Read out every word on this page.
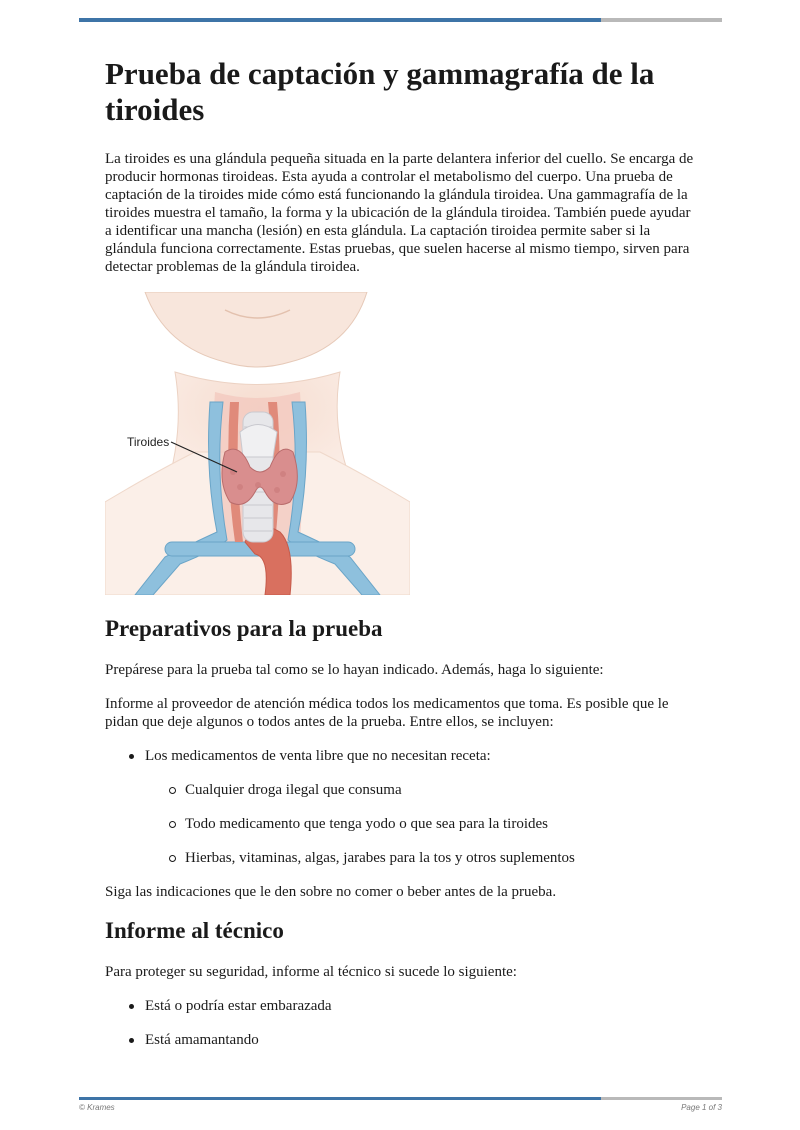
Prueba de captación y gammagrafía de la tiroides

La tiroides es una glándula pequeña situada en la parte delantera inferior del cuello. Se encarga de producir hormonas tiroideas. Esta ayuda a controlar el metabolismo del cuerpo. Una prueba de captación de la tiroides mide cómo está funcionando la glándula tiroidea. Una gammagrafía de la tiroides muestra el tamaño, la forma y la ubicación de la glándula tiroidea. También puede ayudar a identificar una mancha (lesión) en esta glándula. La captación tiroidea permite saber si la glándula funciona correctamente. Estas pruebas, que suelen hacerse al mismo tiempo, sirven para detectar problemas de la glándula tiroidea.

Tiroides
Preparativos para la prueba

Prepárese para la prueba tal como se lo hayan indicado. Además, haga lo siguiente:

Informe al proveedor de atención médica todos los medicamentos que toma. Es posible que le pidan que deje algunos o todos antes de la prueba. Entre ellos, se incluyen:

Los medicamentos de venta libre que no necesitan receta:
Cualquier droga ilegal que consuma
Todo medicamento que tenga yodo o que sea para la tiroides
Hierbas, vitaminas, algas, jarabes para la tos y otros suplementos

Siga las indicaciones que le den sobre no comer o beber antes de la prueba.

Informe al técnico

Para proteger su seguridad, informe al técnico si sucede lo siguiente:

Está o podría estar embarazada
Está amamantando
© Krames	Page 1 of 3
